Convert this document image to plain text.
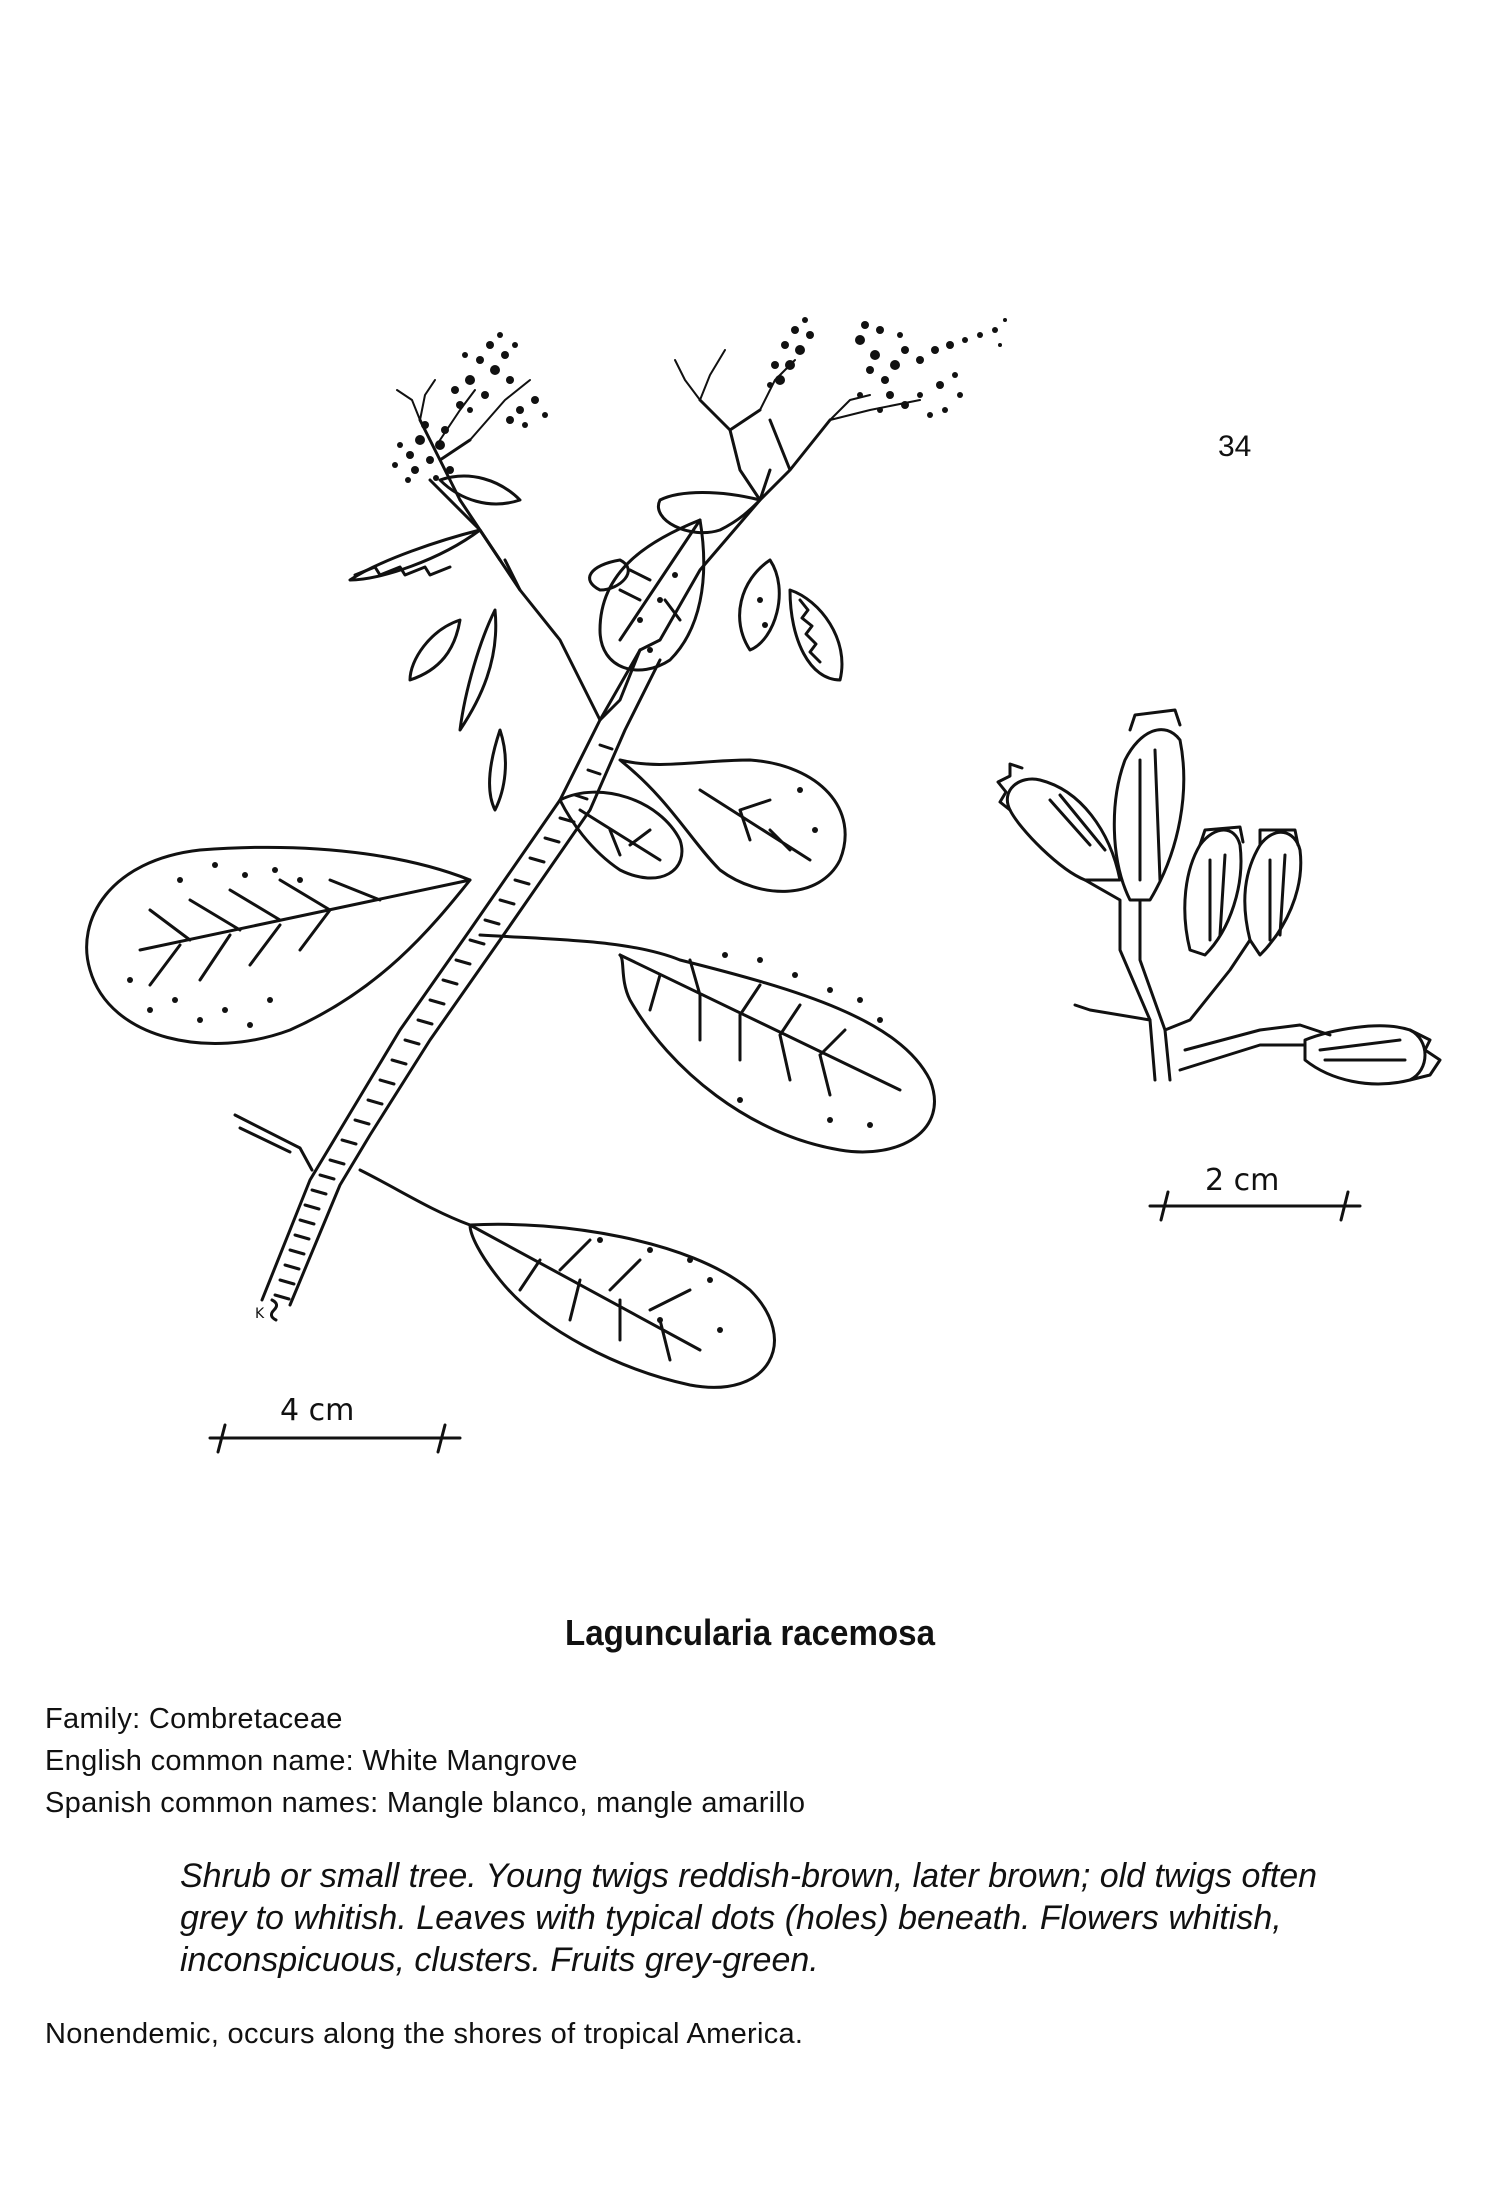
K
4 cm
2 cm
34
Laguncularia racemosa
Family: Combretaceae
English common name: White Mangrove
Spanish common names: Mangle blanco, mangle amarillo
Shrub or small tree. Young twigs reddish-brown, later brown; old twigs often
grey to whitish. Leaves with typical dots (holes) beneath. Flowers whitish,
inconspicuous, clusters. Fruits grey-green.
Nonendemic, occurs along the shores of tropical America.
